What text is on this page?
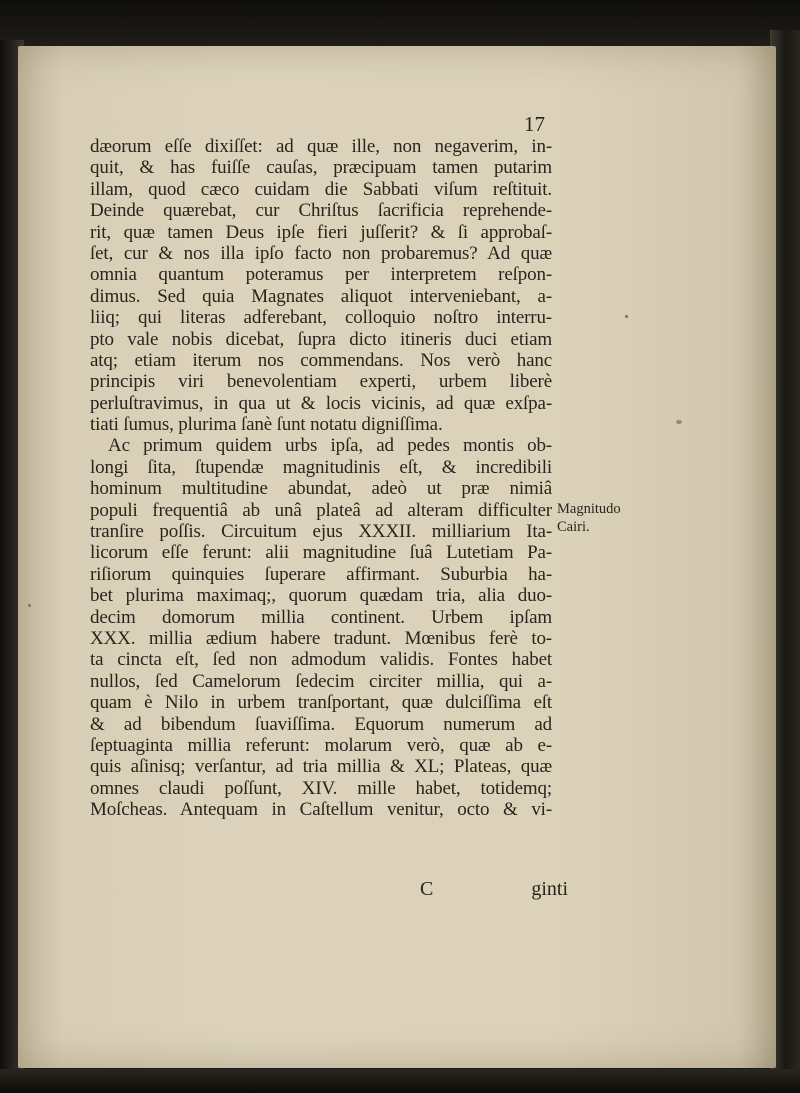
17
dæorum eſſe dixiſſet: ad quæ ille, non negaverim, in-
quit, & has fuiſſe cauſas, præcipuam tamen putarim
illam, quod cæco cuidam die Sabbati viſum reſtituit.
Deinde quærebat, cur Chriſtus ſacrificia reprehende-
rit, quæ tamen Deus ipſe fieri juſſerit? & ſi approbaſ-
ſet, cur & nos illa ipſo facto non probaremus? Ad quæ
omnia quantum poteramus per interpretem reſpon-
dimus. Sed quia Magnates aliquot interveniebant, a-
liiq; qui literas adferebant, colloquio noſtro interru-
pto vale nobis dicebat, ſupra dicto itineris duci etiam
atq; etiam iterum nos commendans. Nos verò hanc
principis viri benevolentiam experti, urbem liberè
perluſtravimus, in qua ut & locis vicinis, ad quæ exſpa-
tiati ſumus, plurima ſanè ſunt notatu digniſſima.
Ac primum quidem urbs ipſa, ad pedes montis ob-
longi ſita, ſtupendæ magnitudinis eſt, & incredibili
hominum multitudine abundat, adeò ut præ nimiâ
populi frequentiâ ab unâ plateâ ad alteram difficulter
tranſire poſſis. Circuitum ejus XXXII. milliarium Ita-
licorum eſſe ferunt: alii magnitudine ſuâ Lutetiam Pa-
riſiorum quinquies ſuperare affirmant. Suburbia ha-
bet plurima maximaq;, quorum quædam tria, alia duo-
decim domorum millia continent. Urbem ipſam
XXX. millia ædium habere tradunt. Mœnibus ferè to-
ta cincta eſt, ſed non admodum validis. Fontes habet
nullos, ſed Camelorum ſedecim circiter millia, qui a-
quam è Nilo in urbem tranſportant, quæ dulciſſima eſt
& ad bibendum ſuaviſſima. Equorum numerum ad
ſeptuaginta millia referunt: molarum verò, quæ ab e-
quis aſinisq; verſantur, ad tria millia & XL; Plateas, quæ
omnes claudi poſſunt, XIV. mille habet, totidemq;
Moſcheas. Antequam in Caſtellum venitur, octo & vi-
Magnitudo
Cairi.
C	ginti
